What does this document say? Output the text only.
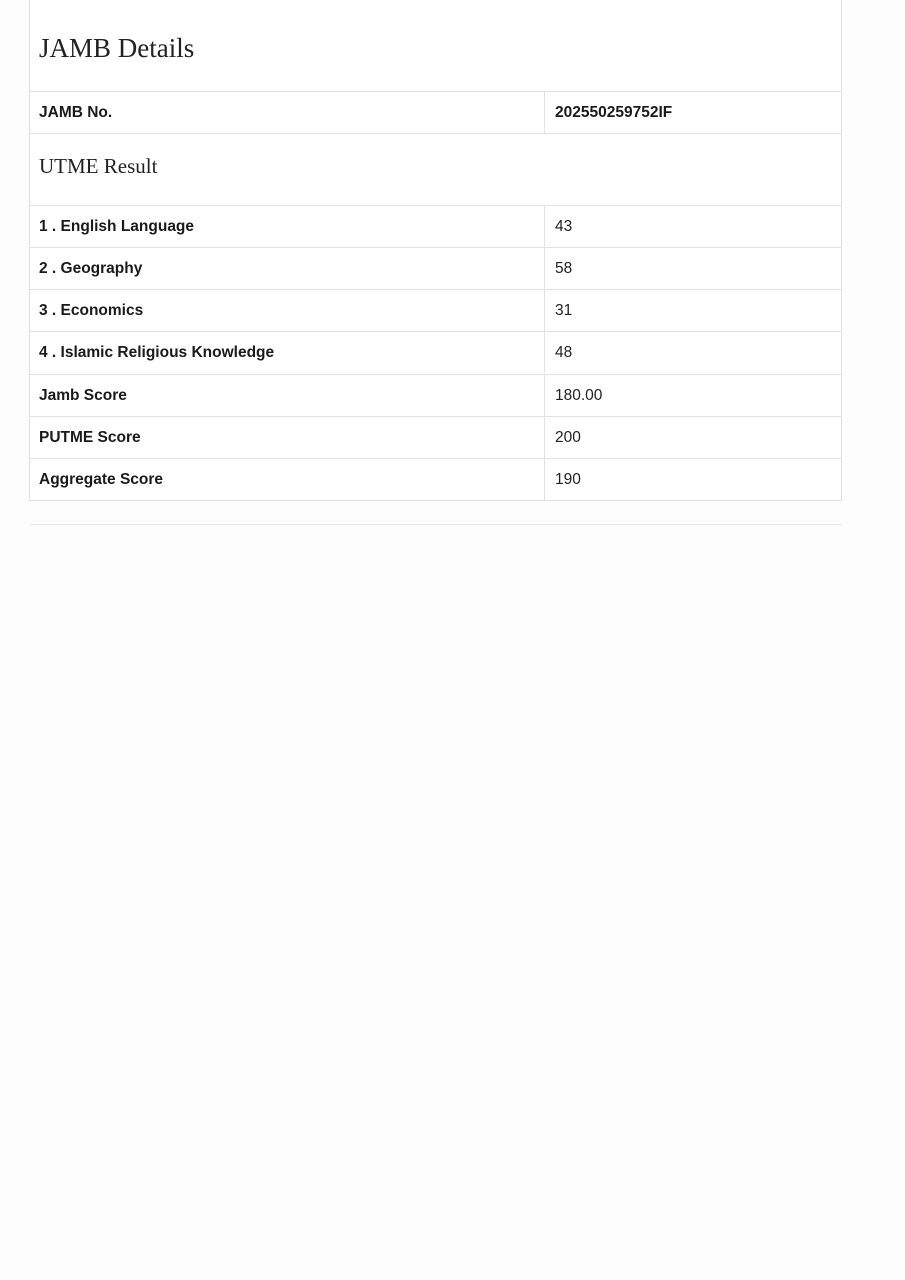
JAMB Details
JAMB No.	202550259752IF
UTME Result
1 . English Language	43
2 . Geography	58
3 . Economics	31
4 . Islamic Religious Knowledge	48
Jamb Score	180.00
PUTME Score	200
Aggregate Score	190
